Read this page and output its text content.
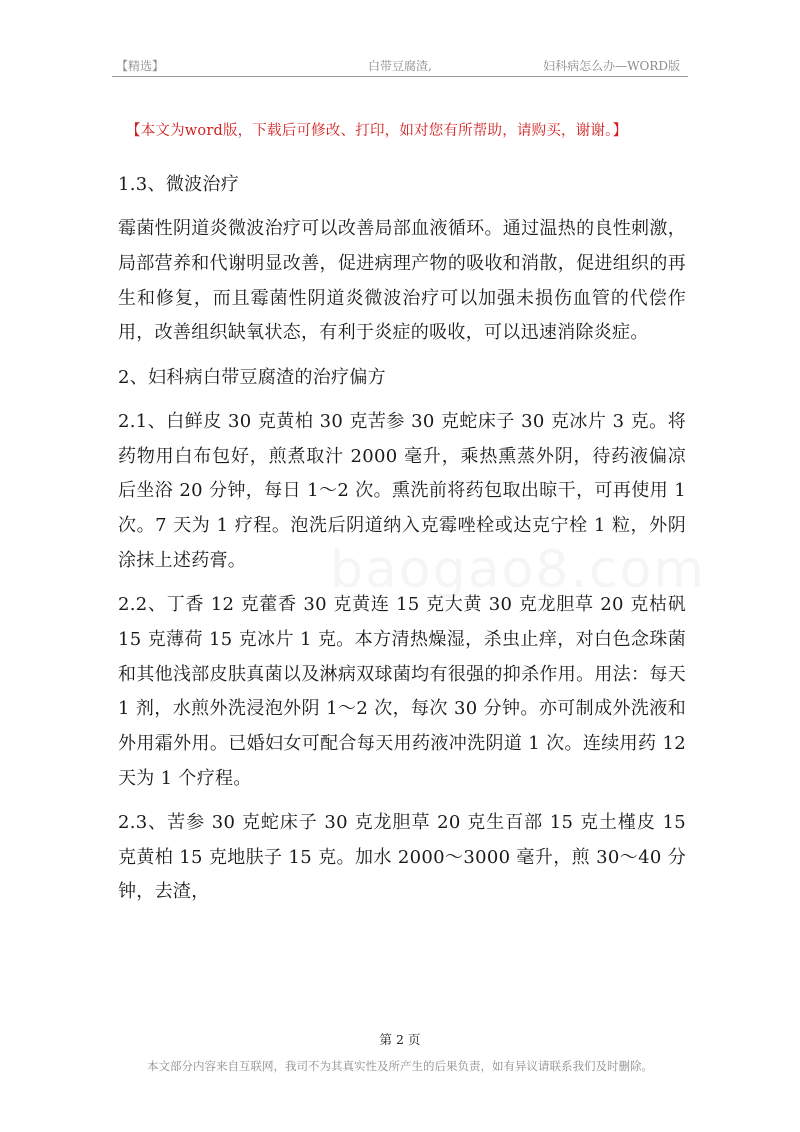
【精选】	白带豆腐渣,	妇科病怎么办—WORD版
【本文为word版，下载后可修改、打印，如对您有所帮助，请购买，谢谢。】
baogao8.com

1.3、微波治疗

霉菌性阴道炎微波治疗可以改善局部血液循环。通过温热的良性刺激，局部营养和代谢明显改善，促进病理产物的吸收和消散，促进组织的再生和修复，而且霉菌性阴道炎微波治疗可以加强未损伤血管的代偿作用，改善组织缺氧状态，有利于炎症的吸收，可以迅速消除炎症。

2、妇科病白带豆腐渣的治疗偏方

2.1、白鲜皮 30 克黄柏 30 克苦参 30 克蛇床子 30 克冰片 3 克。将药物用白布包好，煎煮取汁 2000 毫升，乘热熏蒸外阴，待药液偏凉后坐浴 20 分钟，每日 1～2 次。熏洗前将药包取出晾干，可再使用 1 次。7 天为 1 疗程。泡洗后阴道纳入克霉唑栓或达克宁栓 1 粒，外阴涂抹上述药膏。

2.2、丁香 12 克藿香 30 克黄连 15 克大黄 30 克龙胆草 20 克枯矾 15 克薄荷 15 克冰片 1 克。本方清热燥湿，杀虫止痒，对白色念珠菌和其他浅部皮肤真菌以及淋病双球菌均有很强的抑杀作用。用法：每天 1 剂，水煎外洗浸泡外阴 1～2 次，每次 30 分钟。亦可制成外洗液和外用霜外用。已婚妇女可配合每天用药液冲洗阴道 1 次。连续用药 12 天为 1 个疗程。

2.3、苦参 30 克蛇床子 30 克龙胆草 20 克生百部 15 克土槿皮 15 克黄柏 15 克地肤子 15 克。加水 2000～3000 毫升，煎 30～40 分钟，去渣，

第 2 页
本文部分内容来自互联网，我司不为其真实性及所产生的后果负责，如有异议请联系我们及时删除。
